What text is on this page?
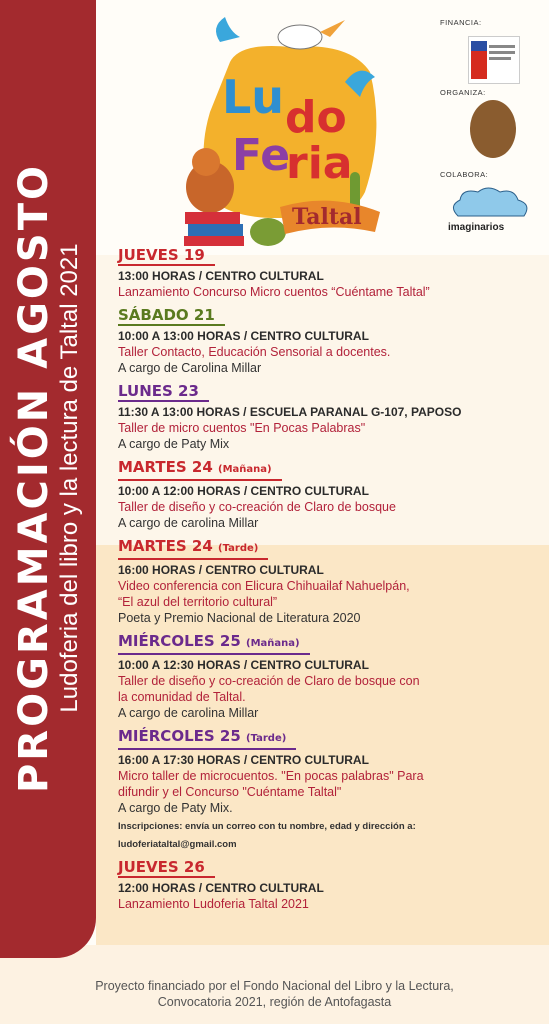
PROGRAMACIÓN AGOSTO Ludoferia del libro y la lectura de Taltal 2021
Lu do
Fe
ria
Taltal
FINANCIA:
ORGANIZA:
COLABORA:
imaginarios
JUEVES 19
13:00 HORAS / CENTRO CULTURAL
Lanzamiento Concurso Micro cuentos “Cuéntame Taltal”
SÁBADO 21
10:00 A 13:00 HORAS / CENTRO CULTURAL
Taller Contacto, Educación Sensorial a docentes.
A cargo de Carolina Millar
LUNES 23
11:30 A 13:00 HORAS / ESCUELA PARANAL G-107, PAPOSO
Taller de micro cuentos "En Pocas Palabras"
A cargo de Paty Mix
MARTES 24 (Mañana)
10:00 A 12:00 HORAS / CENTRO CULTURAL
Taller de diseño y co-creación de Claro de bosque
A cargo de carolina Millar
MARTES 24 (Tarde)
16:00 HORAS / CENTRO CULTURAL
Video conferencia con Elicura Chihuailaf Nahuelpán,
“El azul del territorio cultural”
Poeta y Premio Nacional de Literatura 2020
MIÉRCOLES 25 (Mañana)
10:00 A 12:30 HORAS / CENTRO CULTURAL
Taller de diseño y co-creación de Claro de bosque con
la comunidad de Taltal.
A cargo de carolina Millar
MIÉRCOLES 25 (Tarde)
16:00 A 17:30 HORAS / CENTRO CULTURAL
Micro taller de microcuentos. "En pocas palabras" Para
difundir y el Concurso "Cuéntame Taltal"
A cargo de Paty Mix.
Inscripciones: envía un correo con tu nombre, edad y dirección a:
ludoferiataltal@gmail.com
JUEVES 26
12:00 HORAS / CENTRO CULTURAL
Lanzamiento Ludoferia Taltal 2021
Proyecto financiado por el Fondo Nacional del Libro y la Lectura,
Convocatoria 2021, región de Antofagasta
